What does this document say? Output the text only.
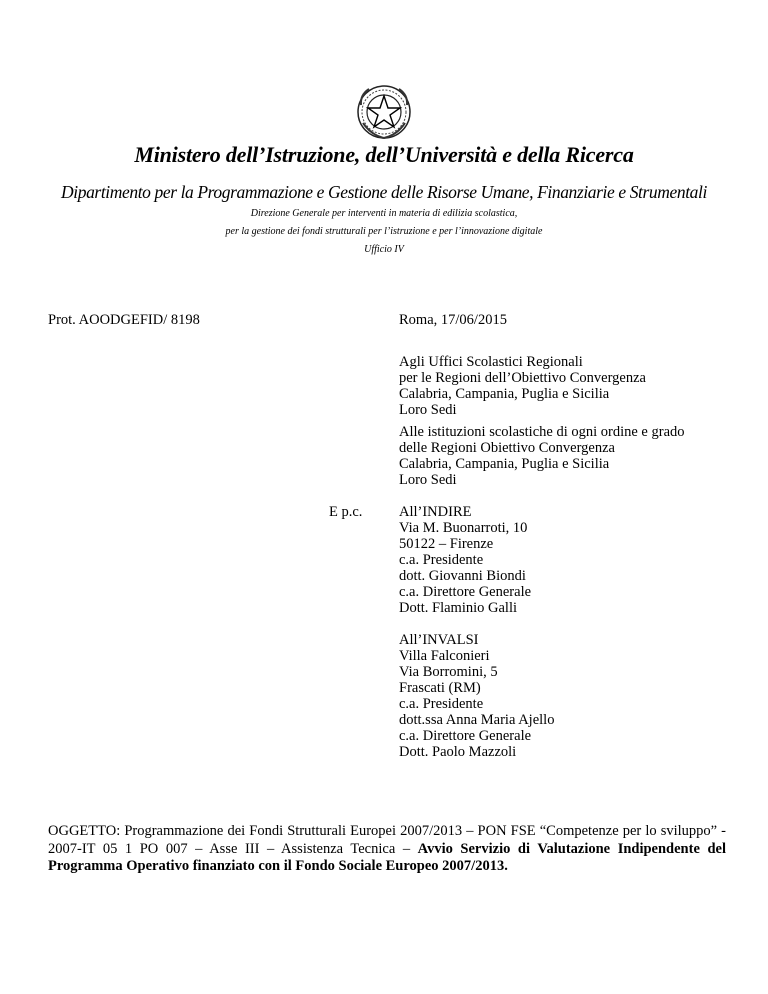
Ministero dell’Istruzione, dell’Università e della Ricerca
Dipartimento per la Programmazione e Gestione delle Risorse Umane, Finanziarie e Strumentali
Direzione Generale per interventi in materia di edilizia scolastica,
per la gestione dei fondi strutturali per l’istruzione e per l’innovazione digitale
Ufficio IV
Prot. AOODGEFID/ 8198	Roma, 17/06/2015
Agli Uffici Scolastici Regionali
per le Regioni dell’Obiettivo Convergenza
Calabria, Campania, Puglia e Sicilia
Loro Sedi
Alle istituzioni scolastiche di ogni ordine e grado
delle Regioni Obiettivo Convergenza
Calabria, Campania, Puglia e Sicilia
Loro Sedi
E p.c.	All’INDIRE
Via M. Buonarroti, 10
50122 – Firenze
c.a. Presidente
dott. Giovanni Biondi
c.a. Direttore Generale
Dott. Flaminio Galli
All’INVALSI
Villa Falconieri
Via Borromini, 5
Frascati (RM)
c.a. Presidente
dott.ssa Anna Maria Ajello
c.a. Direttore Generale
Dott. Paolo Mazzoli
OGGETTO: Programmazione dei Fondi Strutturali Europei 2007/2013 – PON FSE “Competenze per lo sviluppo” - 2007-IT 05 1 PO 007 – Asse III – Assistenza Tecnica – Avvio Servizio di Valutazione Indipendente del Programma Operativo finanziato con il Fondo Sociale Europeo 2007/2013.
